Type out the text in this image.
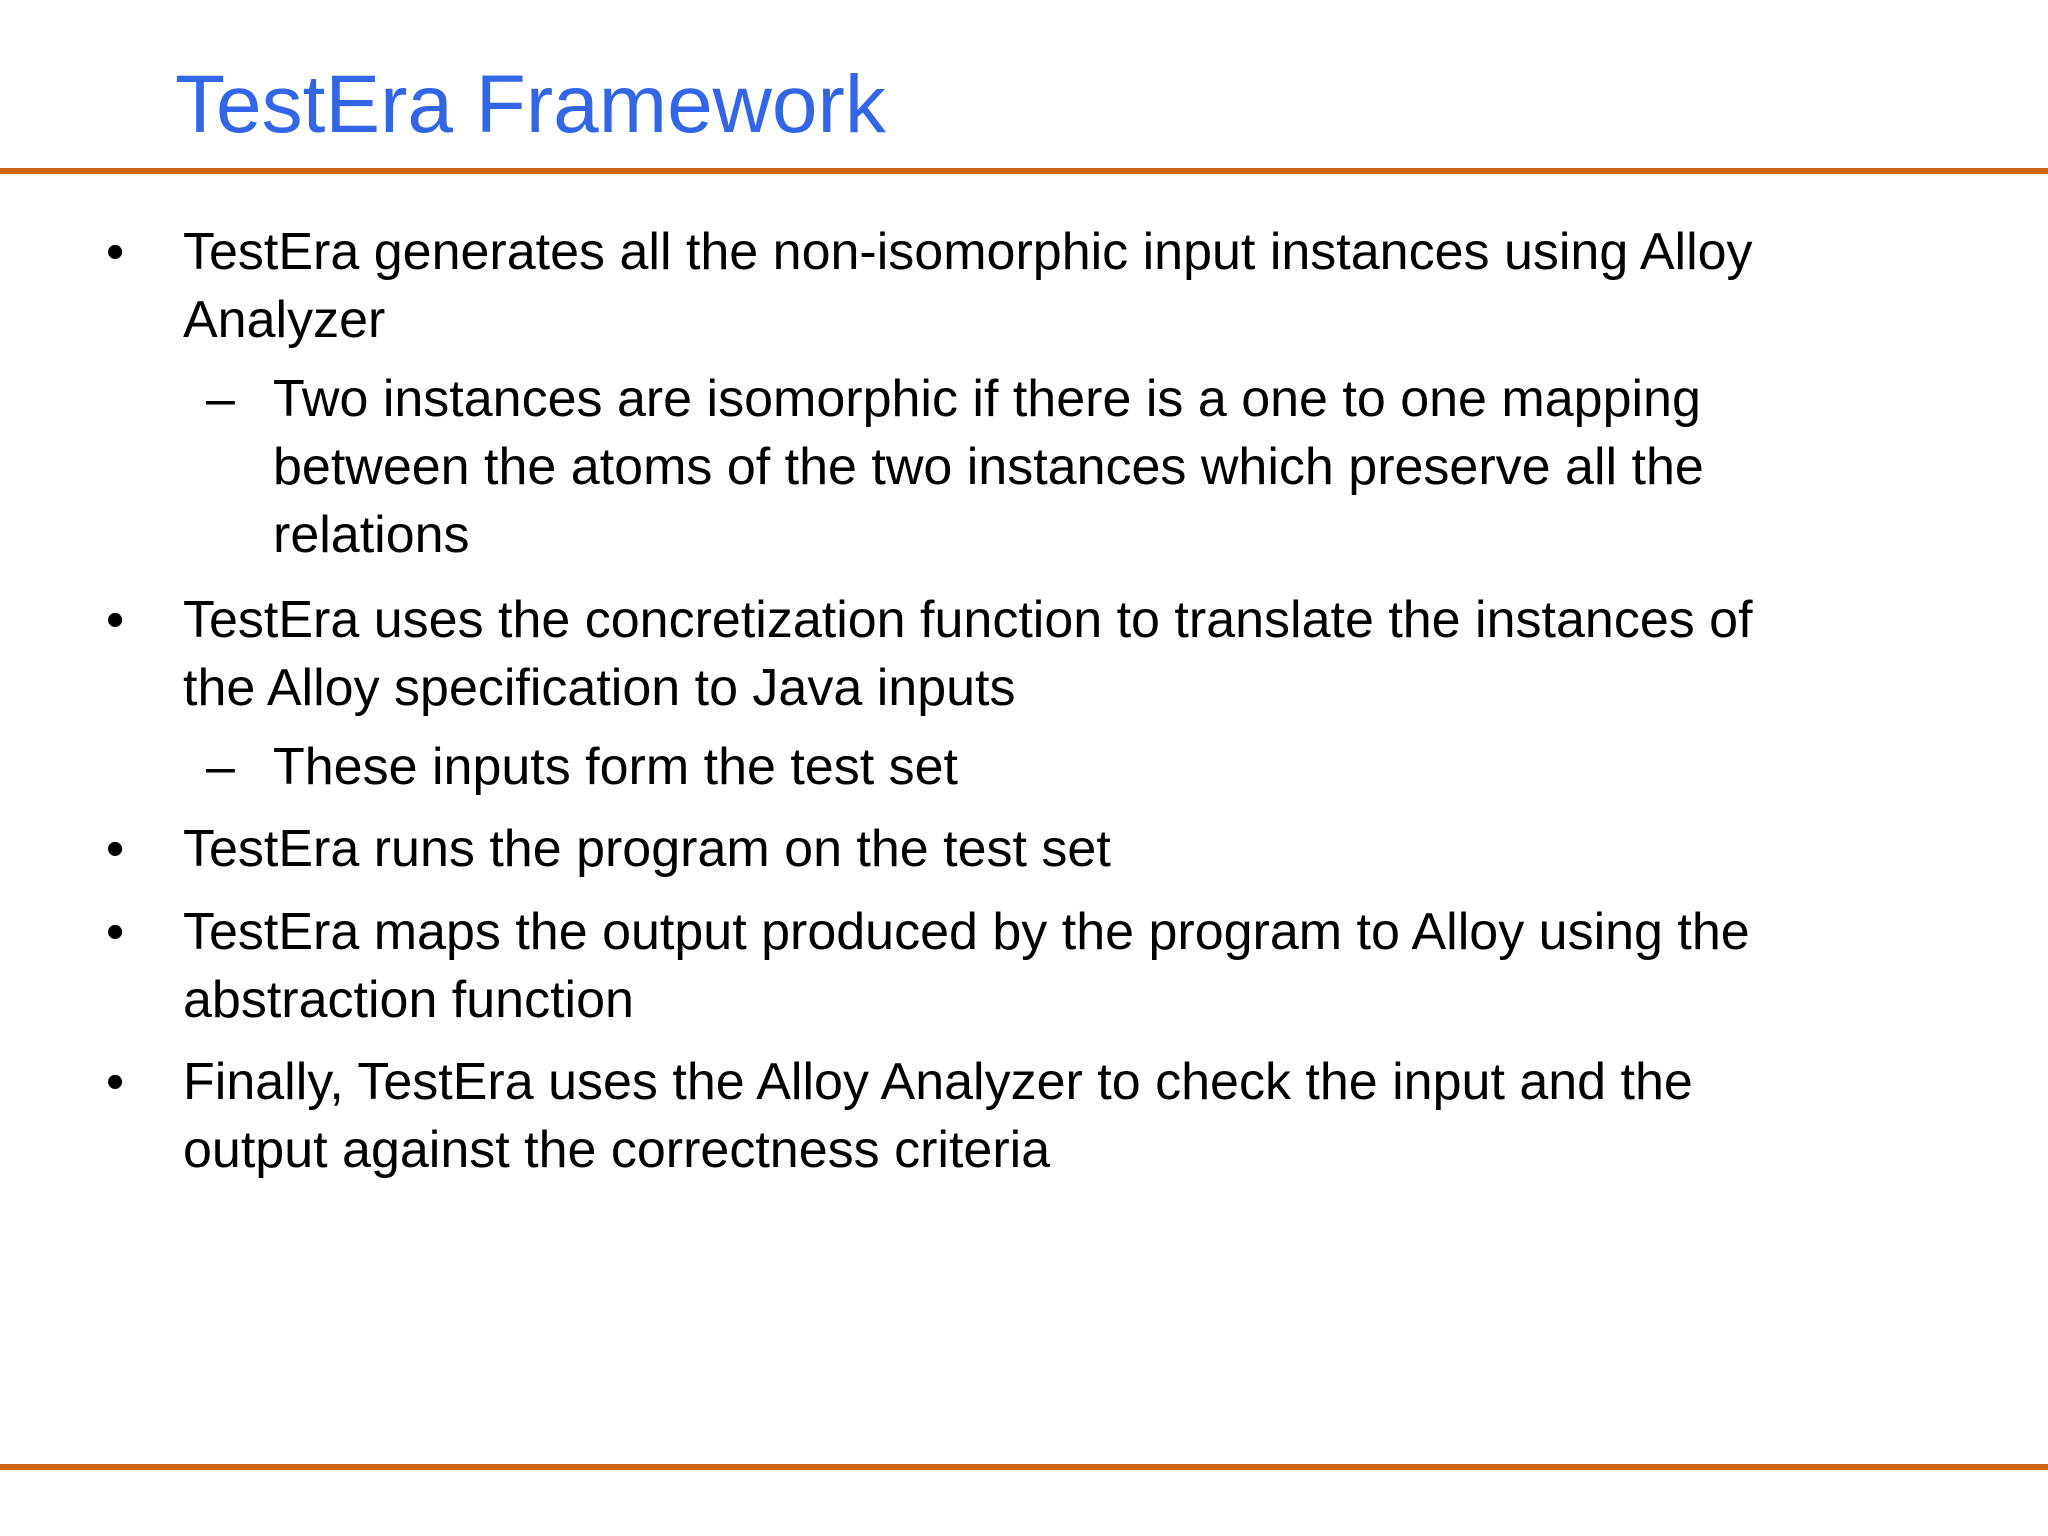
TestEra Framework
• TestEra generates all the non-isomorphic input instances using Alloy
Analyzer

– Two instances are isomorphic if there is a one to one mapping
between the atoms of the two instances which preserve all the
relations

• TestEra uses the concretization function to translate the instances of
the Alloy specification to Java inputs

– These inputs form the test set

• TestEra runs the program on the test set

• TestEra maps the output produced by the program to Alloy using the
abstraction function

• Finally, TestEra uses the Alloy Analyzer to check the input and the
output against the correctness criteria
